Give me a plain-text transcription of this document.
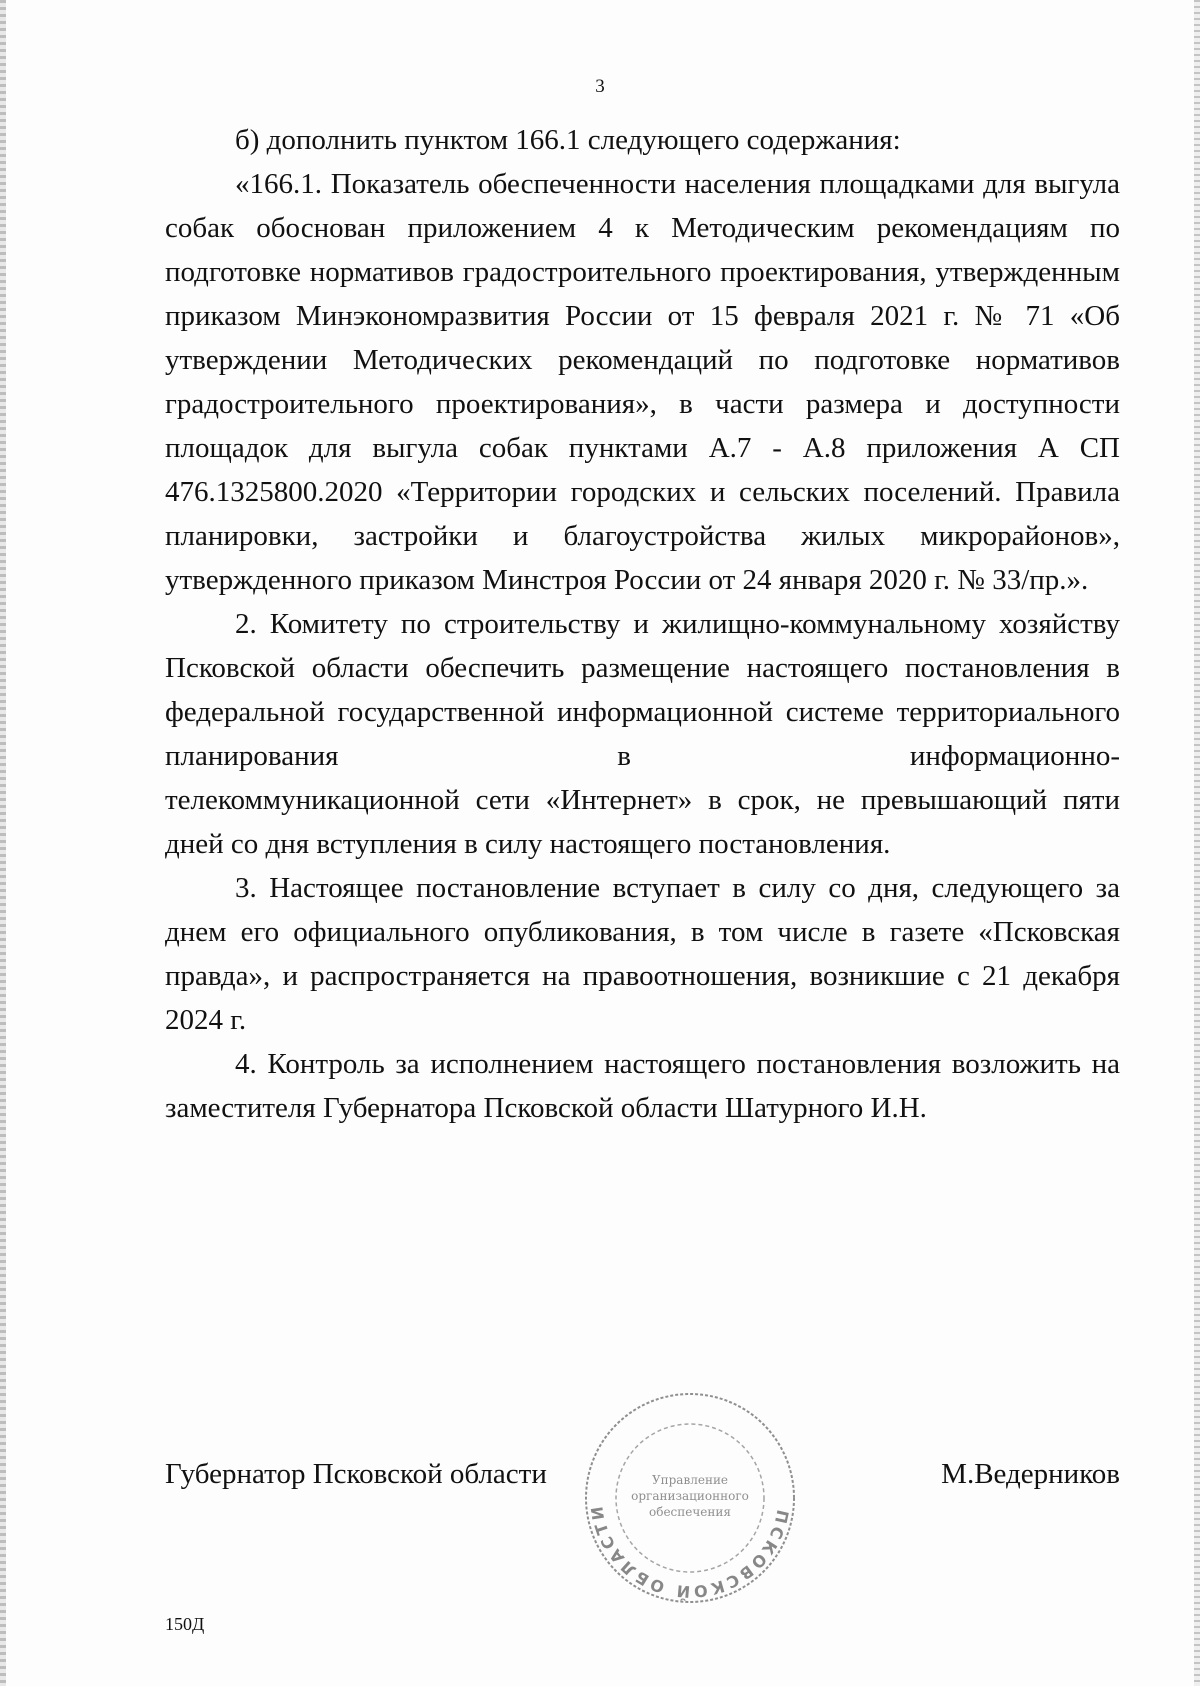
3

б) дополнить пунктом 166.1 следующего содержания:

«166.1. Показатель обеспеченности населения площадками для выгула собак обоснован приложением 4 к Методическим рекомендациям по подготовке нормативов градостроительного проектирования, утвержденным приказом Минэкономразвития России от 15 февраля 2021 г. № 71 «Об утверждении Методических рекомендаций по подготовке нормативов градостроительного проектирования», в части размера и доступности площадок для выгула собак пунктами А.7 - А.8 приложения А СП 476.1325800.2020 «Территории городских и сельских поселений. Правила планировки, застройки и благоустройства жилых микрорайонов», утвержденного приказом Минстроя России от 24 января 2020 г. № 33/пр.».

2. Комитету по строительству и жилищно-коммунальному хозяйству Псковской области обеспечить размещение настоящего постановления в федеральной государственной информационной системе территориального планирования в информационно-

телекоммуникационной сети «Интернет» в срок, не превышающий пяти дней со дня вступления в силу настоящего постановления.

3. Настоящее постановление вступает в силу со дня, следующего за днем его официального опубликования, в том числе в газете «Псковская правда», и распространяется на правоотношения, возникшие с 21 декабря 2024 г.

4. Контроль за исполнением настоящего постановления возложить на заместителя Губернатора Псковской области Шатурного И.Н.

Губернатор Псковской области
ПСКОВСКОЙ ОБЛАСТИ
Управление
организационного
обеспечения
М.Ведерников
150Д
